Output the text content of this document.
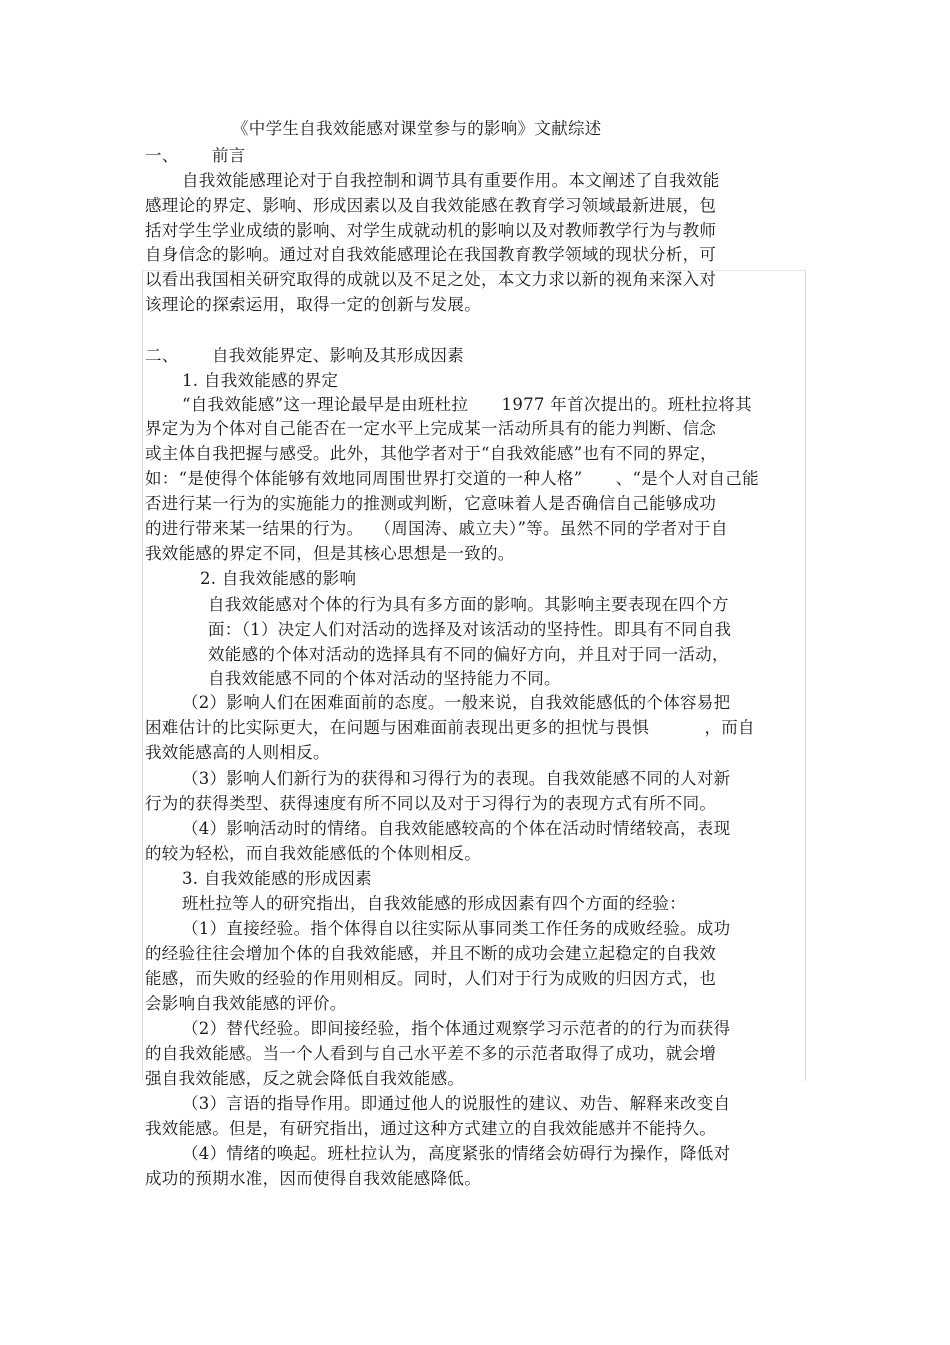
《中学生自我效能感对课堂参与的影响》文献综述
一、 前言
自我效能感理论对于自我控制和调节具有重要作用。本文阐述了自我效能
感理论的界定、影响、形成因素以及自我效能感在教育学习领域最新进展，包
括对学生学业成绩的影响、对学生成就动机的影响以及对教师教学行为与教师
自身信念的影响。通过对自我效能感理论在我国教育教学领域的现状分析，可
以看出我国相关研究取得的成就以及不足之处，本文力求以新的视角来深入对
该理论的探索运用，取得一定的创新与发展。
二、 自我效能界定、影响及其形成因素
1. 自我效能感的界定
“自我效能感”这一理论最早是由班杜拉      1977 年首次提出的。班杜拉将其
界定为为个体对自己能否在一定水平上完成某一活动所具有的能力判断、信念
或主体自我把握与感受。此外，其他学者对于“自我效能感”也有不同的界定，
如：“是使得个体能够有效地同周围世界打交道的一种人格”      、“是个人对自己能
否进行某一行为的实施能力的推测或判断，它意味着人是否确信自己能够成功
的进行带来某一结果的行为。  （周国涛、戚立夫）”等。虽然不同的学者对于自
我效能感的界定不同，但是其核心思想是一致的。
2. 自我效能感的影响
自我效能感对个体的行为具有多方面的影响。其影响主要表现在四个方
面：（1）决定人们对活动的选择及对该活动的坚持性。即具有不同自我
效能感的个体对活动的选择具有不同的偏好方向，并且对于同一活动，
自我效能感不同的个体对活动的坚持能力不同。
（2）影响人们在困难面前的态度。一般来说，自我效能感低的个体容易把
困难估计的比实际更大，在问题与困难面前表现出更多的担忧与畏惧          ，而自
我效能感高的人则相反。
（3）影响人们新行为的获得和习得行为的表现。自我效能感不同的人对新
行为的获得类型、获得速度有所不同以及对于习得行为的表现方式有所不同。
（4）影响活动时的情绪。自我效能感较高的个体在活动时情绪较高，表现
的较为轻松，而自我效能感低的个体则相反。
3. 自我效能感的形成因素
班杜拉等人的研究指出，自我效能感的形成因素有四个方面的经验：
（1）直接经验。指个体得自以往实际从事同类工作任务的成败经验。成功
的经验往往会增加个体的自我效能感，并且不断的成功会建立起稳定的自我效
能感，而失败的经验的作用则相反。同时，人们对于行为成败的归因方式，也
会影响自我效能感的评价。
（2）替代经验。即间接经验，指个体通过观察学习示范者的的行为而获得
的自我效能感。当一个人看到与自己水平差不多的示范者取得了成功，就会增
强自我效能感，反之就会降低自我效能感。
（3）言语的指导作用。即通过他人的说服性的建议、劝告、解释来改变自
我效能感。但是，有研究指出，通过这种方式建立的自我效能感并不能持久。
（4）情绪的唤起。班杜拉认为，高度紧张的情绪会妨碍行为操作，降低对
成功的预期水准，因而使得自我效能感降低。
